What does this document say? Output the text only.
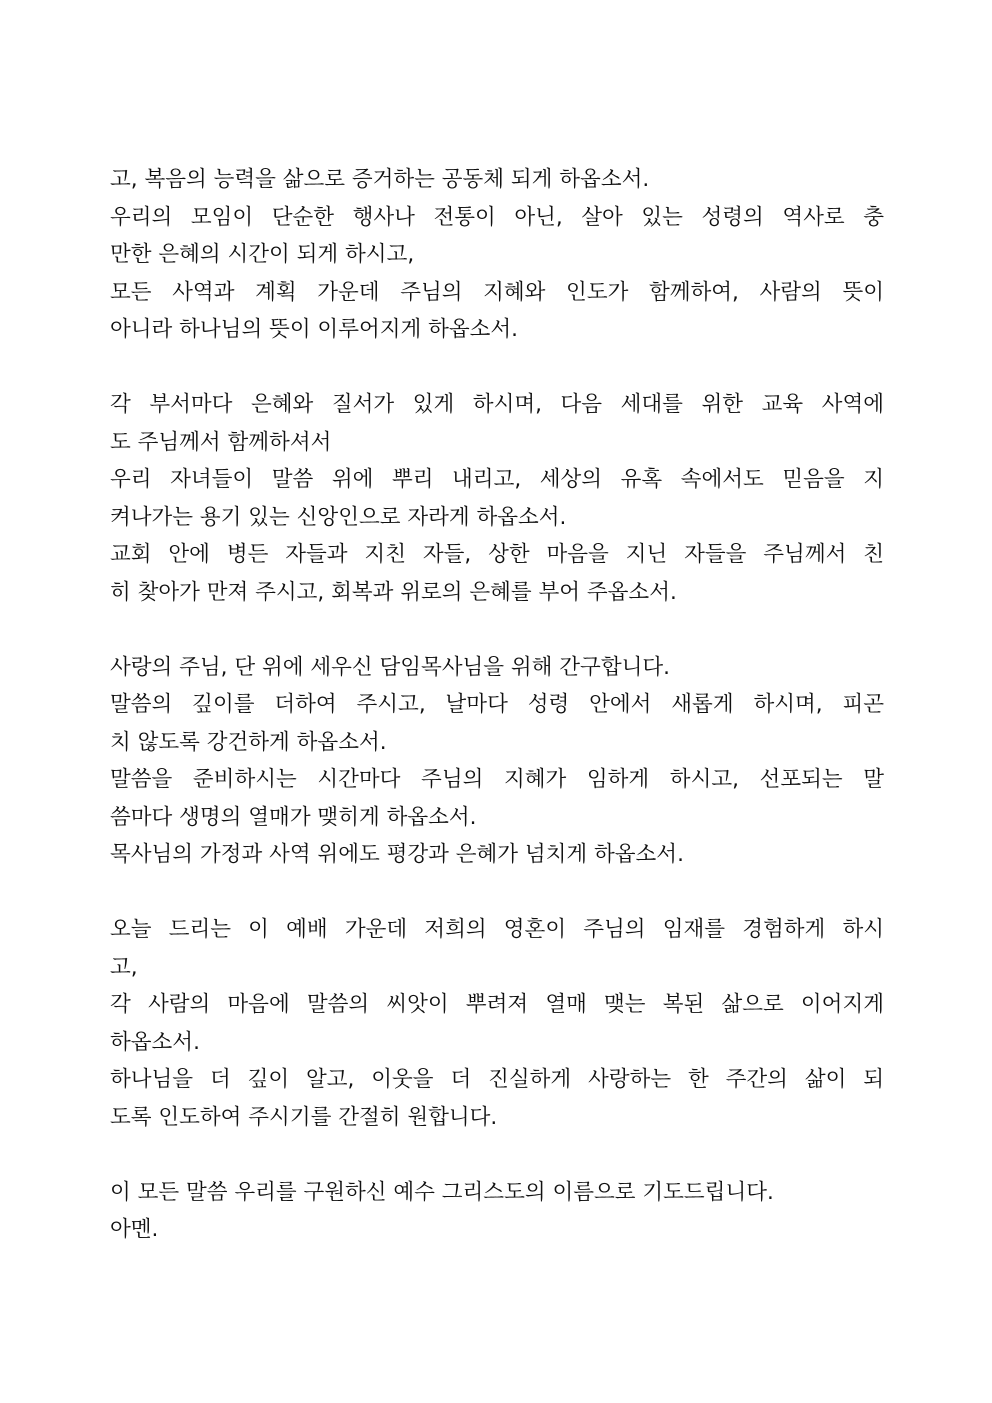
고, 복음의 능력을 삶으로 증거하는 공동체 되게 하옵소서.
우리의 모임이 단순한 행사나 전통이 아닌, 살아 있는 성령의 역사로 충
만한 은혜의 시간이 되게 하시고,
모든 사역과 계획 가운데 주님의 지혜와 인도가 함께하여, 사람의 뜻이
아니라 하나님의 뜻이 이루어지게 하옵소서.
각 부서마다 은혜와 질서가 있게 하시며, 다음 세대를 위한 교육 사역에
도 주님께서 함께하셔서
우리 자녀들이 말씀 위에 뿌리 내리고, 세상의 유혹 속에서도 믿음을 지
켜나가는 용기 있는 신앙인으로 자라게 하옵소서.
교회 안에 병든 자들과 지친 자들, 상한 마음을 지닌 자들을 주님께서 친
히 찾아가 만져 주시고, 회복과 위로의 은혜를 부어 주옵소서.
사랑의 주님, 단 위에 세우신 담임목사님을 위해 간구합니다.
말씀의 깊이를 더하여 주시고, 날마다 성령 안에서 새롭게 하시며, 피곤
치 않도록 강건하게 하옵소서.
말씀을 준비하시는 시간마다 주님의 지혜가 임하게 하시고, 선포되는 말
씀마다 생명의 열매가 맺히게 하옵소서.
목사님의 가정과 사역 위에도 평강과 은혜가 넘치게 하옵소서.
오늘 드리는 이 예배 가운데 저희의 영혼이 주님의 임재를 경험하게 하시
고,
각 사람의 마음에 말씀의 씨앗이 뿌려져 열매 맺는 복된 삶으로 이어지게
하옵소서.
하나님을 더 깊이 알고, 이웃을 더 진실하게 사랑하는 한 주간의 삶이 되
도록 인도하여 주시기를 간절히 원합니다.
이 모든 말씀 우리를 구원하신 예수 그리스도의 이름으로 기도드립니다.
아멘.
